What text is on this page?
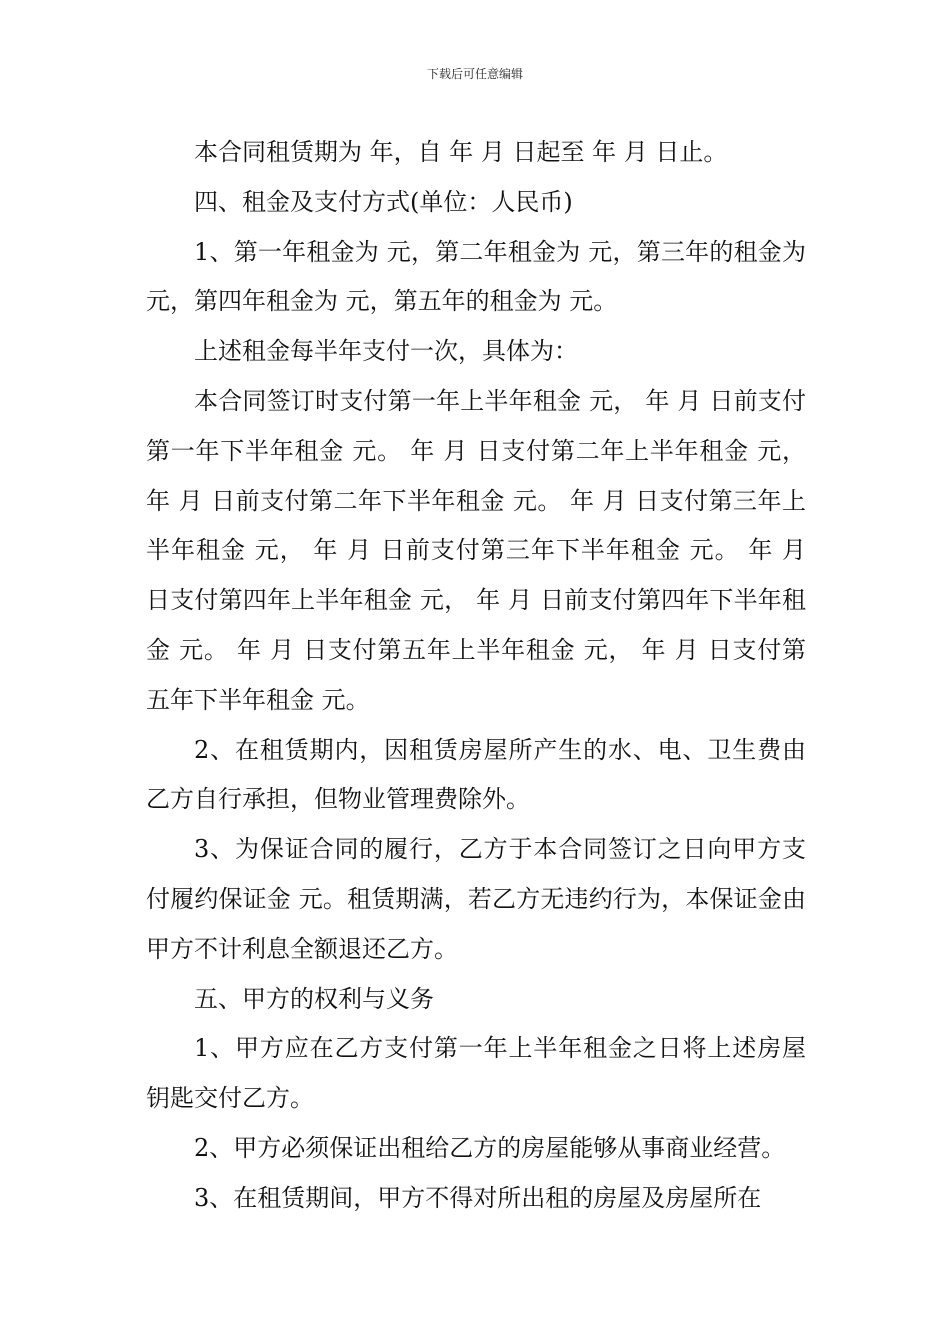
下载后可任意编辑

本合同租赁期为 年，自 年 月 日起至 年 月 日止。

四、租金及支付方式(单位：人民币)

1、第一年租金为 元，第二年租金为 元，第三年的租金为 元，第四年租金为 元，第五年的租金为 元。

上述租金每半年支付一次，具体为：

本合同签订时支付第一年上半年租金 元， 年 月 日前支付第一年下半年租金 元。 年 月 日支付第二年上半年租金 元， 年 月 日前支付第二年下半年租金 元。 年 月 日支付第三年上半年租金 元， 年 月 日前支付第三年下半年租金 元。 年 月 日支付第四年上半年租金 元， 年 月 日前支付第四年下半年租金 元。 年 月 日支付第五年上半年租金 元， 年 月 日支付第五年下半年租金 元。

2、在租赁期内，因租赁房屋所产生的水、电、卫生费由乙方自行承担，但物业管理费除外。

3、为保证合同的履行，乙方于本合同签订之日向甲方支付履约保证金 元。租赁期满，若乙方无违约行为，本保证金由甲方不计利息全额退还乙方。

五、甲方的权利与义务

1、甲方应在乙方支付第一年上半年租金之日将上述房屋钥匙交付乙方。

2、甲方必须保证出租给乙方的房屋能够从事商业经营。

3、在租赁期间，甲方不得对所出租的房屋及房屋所在
